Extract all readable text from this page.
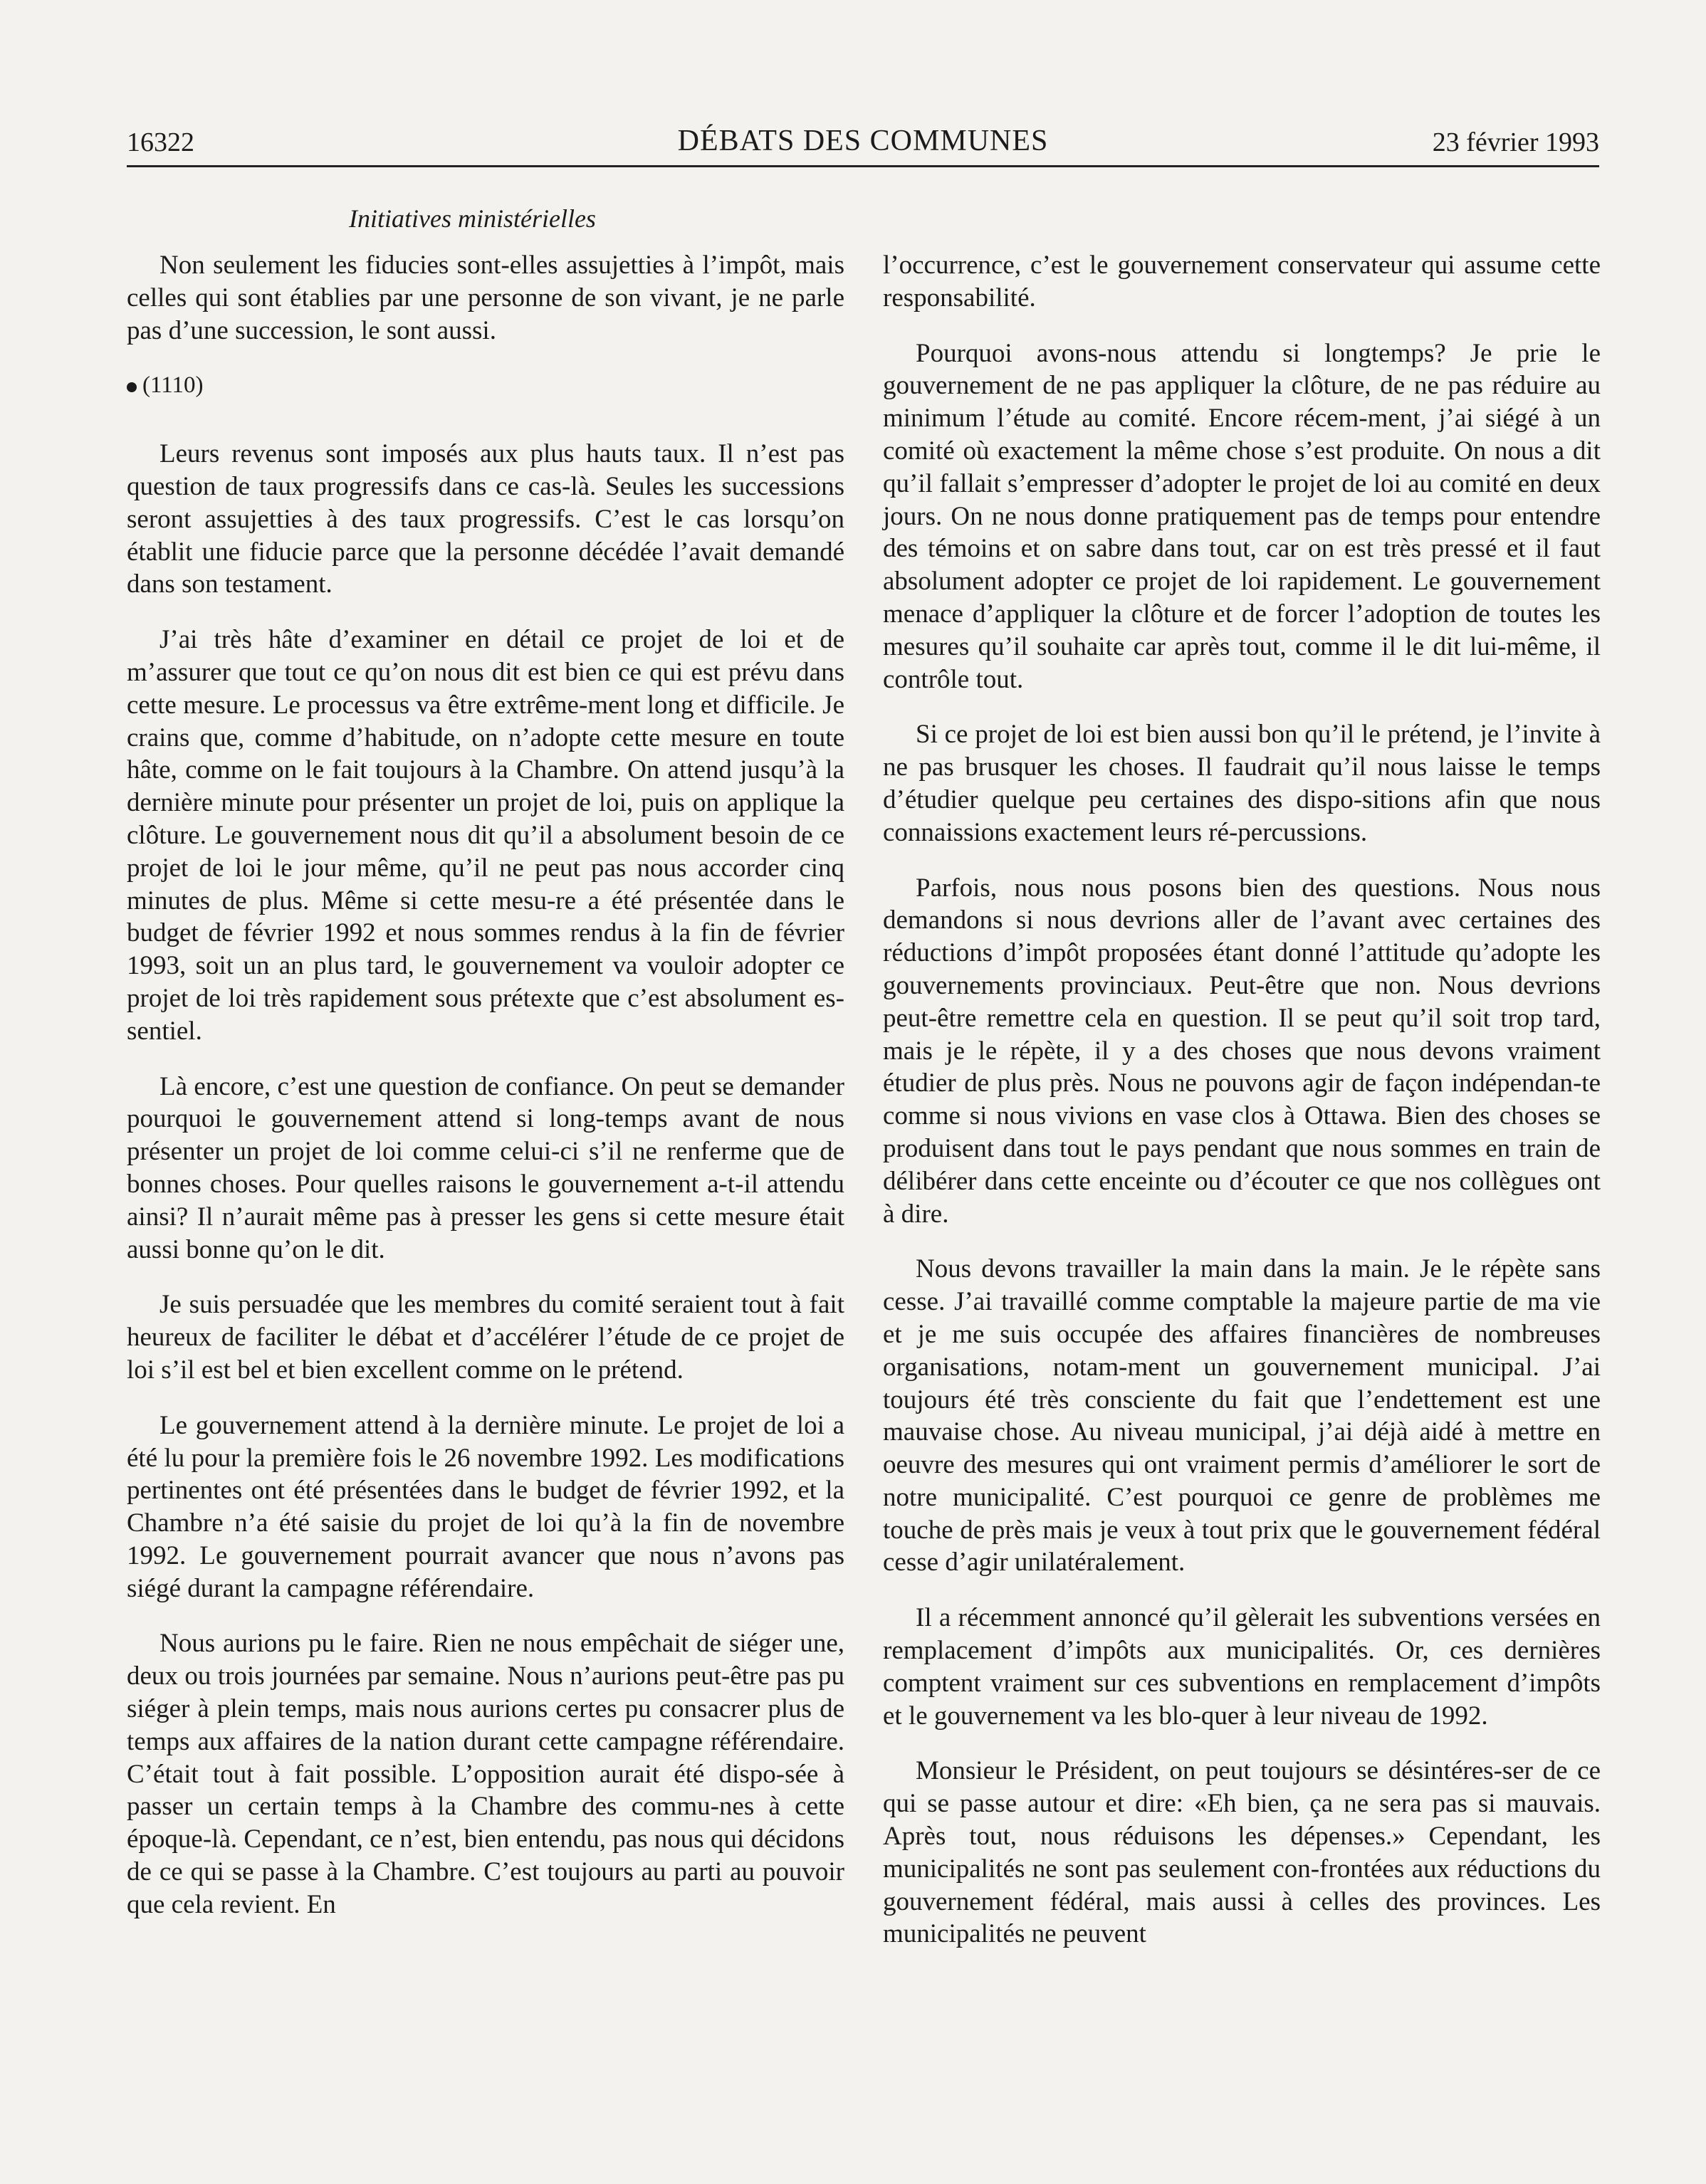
16322	DÉBATS DES COMMUNES	23 février 1993
Initiatives ministérielles

Non seulement les fiducies sont-elles assujetties à l’impôt, mais celles qui sont établies par une personne de son vivant, je ne parle pas d’une succession, le sont aussi.

(1110)

Leurs revenus sont imposés aux plus hauts taux. Il n’est pas question de taux progressifs dans ce cas-là. Seules les successions seront assujetties à des taux progressifs. C’est le cas lorsqu’on établit une fiducie parce que la personne décédée l’avait demandé dans son testament.

J’ai très hâte d’examiner en détail ce projet de loi et de m’assurer que tout ce qu’on nous dit est bien ce qui est prévu dans cette mesure. Le processus va être extrême-ment long et difficile. Je crains que, comme d’habitude, on n’adopte cette mesure en toute hâte, comme on le fait toujours à la Chambre. On attend jusqu’à la dernière minute pour présenter un projet de loi, puis on applique la clôture. Le gouvernement nous dit qu’il a absolument besoin de ce projet de loi le jour même, qu’il ne peut pas nous accorder cinq minutes de plus. Même si cette mesu-re a été présentée dans le budget de février 1992 et nous sommes rendus à la fin de février 1993, soit un an plus tard, le gouvernement va vouloir adopter ce projet de loi très rapidement sous prétexte que c’est absolument es-sentiel.

Là encore, c’est une question de confiance. On peut se demander pourquoi le gouvernement attend si long-temps avant de nous présenter un projet de loi comme celui-ci s’il ne renferme que de bonnes choses. Pour quelles raisons le gouvernement a-t-il attendu ainsi? Il n’aurait même pas à presser les gens si cette mesure était aussi bonne qu’on le dit.

Je suis persuadée que les membres du comité seraient tout à fait heureux de faciliter le débat et d’accélérer l’étude de ce projet de loi s’il est bel et bien excellent comme on le prétend.

Le gouvernement attend à la dernière minute. Le projet de loi a été lu pour la première fois le 26 novembre 1992. Les modifications pertinentes ont été présentées dans le budget de février 1992, et la Chambre n’a été saisie du projet de loi qu’à la fin de novembre 1992. Le gouvernement pourrait avancer que nous n’avons pas siégé durant la campagne référendaire.

Nous aurions pu le faire. Rien ne nous empêchait de siéger une, deux ou trois journées par semaine. Nous n’aurions peut-être pas pu siéger à plein temps, mais nous aurions certes pu consacrer plus de temps aux affaires de la nation durant cette campagne référendaire. C’était tout à fait possible. L’opposition aurait été dispo-sée à passer un certain temps à la Chambre des commu-nes à cette époque-là. Cependant, ce n’est, bien entendu, pas nous qui décidons de ce qui se passe à la Chambre. C’est toujours au parti au pouvoir que cela revient. En

l’occurrence, c’est le gouvernement conservateur qui assume cette responsabilité.

Pourquoi avons-nous attendu si longtemps? Je prie le gouvernement de ne pas appliquer la clôture, de ne pas réduire au minimum l’étude au comité. Encore récem-ment, j’ai siégé à un comité où exactement la même chose s’est produite. On nous a dit qu’il fallait s’empresser d’adopter le projet de loi au comité en deux jours. On ne nous donne pratiquement pas de temps pour entendre des témoins et on sabre dans tout, car on est très pressé et il faut absolument adopter ce projet de loi rapidement. Le gouvernement menace d’appliquer la clôture et de forcer l’adoption de toutes les mesures qu’il souhaite car après tout, comme il le dit lui-même, il contrôle tout.

Si ce projet de loi est bien aussi bon qu’il le prétend, je l’invite à ne pas brusquer les choses. Il faudrait qu’il nous laisse le temps d’étudier quelque peu certaines des dispo-sitions afin que nous connaissions exactement leurs ré-percussions.

Parfois, nous nous posons bien des questions. Nous nous demandons si nous devrions aller de l’avant avec certaines des réductions d’impôt proposées étant donné l’attitude qu’adopte les gouvernements provinciaux. Peut-être que non. Nous devrions peut-être remettre cela en question. Il se peut qu’il soit trop tard, mais je le répète, il y a des choses que nous devons vraiment étudier de plus près. Nous ne pouvons agir de façon indépendan-te comme si nous vivions en vase clos à Ottawa. Bien des choses se produisent dans tout le pays pendant que nous sommes en train de délibérer dans cette enceinte ou d’écouter ce que nos collègues ont à dire.

Nous devons travailler la main dans la main. Je le répète sans cesse. J’ai travaillé comme comptable la majeure partie de ma vie et je me suis occupée des affaires financières de nombreuses organisations, notam-ment un gouvernement municipal. J’ai toujours été très consciente du fait que l’endettement est une mauvaise chose. Au niveau municipal, j’ai déjà aidé à mettre en oeuvre des mesures qui ont vraiment permis d’améliorer le sort de notre municipalité. C’est pourquoi ce genre de problèmes me touche de près mais je veux à tout prix que le gouvernement fédéral cesse d’agir unilatéralement.

Il a récemment annoncé qu’il gèlerait les subventions versées en remplacement d’impôts aux municipalités. Or, ces dernières comptent vraiment sur ces subventions en remplacement d’impôts et le gouvernement va les blo-quer à leur niveau de 1992.

Monsieur le Président, on peut toujours se désintéres-ser de ce qui se passe autour et dire: «Eh bien, ça ne sera pas si mauvais. Après tout, nous réduisons les dépenses.» Cependant, les municipalités ne sont pas seulement con-frontées aux réductions du gouvernement fédéral, mais aussi à celles des provinces. Les municipalités ne peuvent
